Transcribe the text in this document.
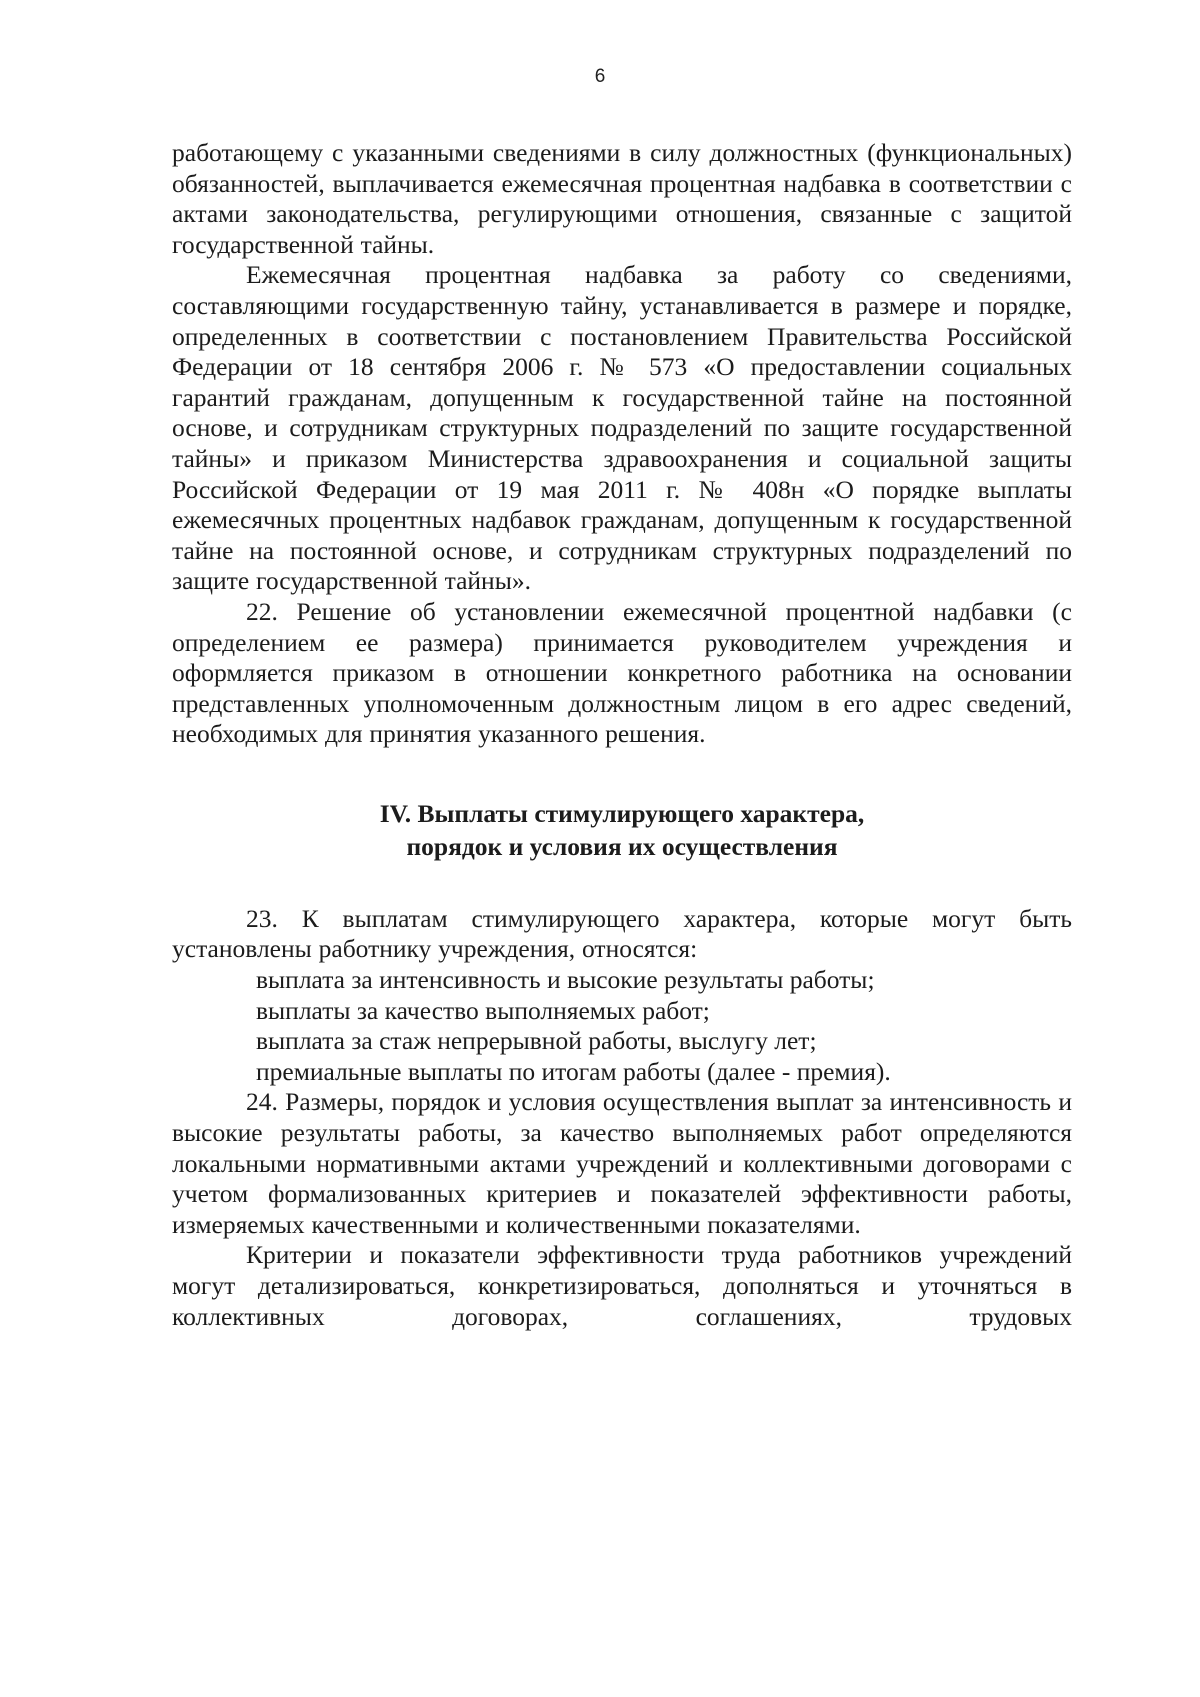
6

работающему с указанными сведениями в силу должностных (функциональных) обязанностей, выплачивается ежемесячная процентная надбавка в соответствии с актами законодательства, регулирующими отношения, связанные с защитой государственной тайны.

Ежемесячная процентная надбавка за работу со сведениями, составляющими государственную тайну, устанавливается в размере и порядке, определенных в соответствии с постановлением Правительства Российской Федерации от 18 сентября 2006 г. № 573 «О предоставлении социальных гарантий гражданам, допущенным к государственной тайне на постоянной основе, и сотрудникам структурных подразделений по защите государственной тайны» и приказом Министерства здравоохранения и социальной защиты Российской Федерации от 19 мая 2011 г. № 408н «О порядке выплаты ежемесячных процентных надбавок гражданам, допущенным к государственной тайне на постоянной основе, и сотрудникам структурных подразделений по защите государственной тайны».

22. Решение об установлении ежемесячной процентной надбавки (с определением ее размера) принимается руководителем учреждения и оформляется приказом в отношении конкретного работника на основании представленных уполномоченным должностным лицом в его адрес сведений, необходимых для принятия указанного решения.

IV. Выплаты стимулирующего характера,
порядок и условия их осуществления

23. К выплатам стимулирующего характера, которые могут быть установлены работнику учреждения, относятся:

выплата за интенсивность и высокие результаты работы;

выплаты за качество выполняемых работ;

выплата за стаж непрерывной работы, выслугу лет;

премиальные выплаты по итогам работы (далее - премия).

24. Размеры, порядок и условия осуществления выплат за интенсивность и высокие результаты работы, за качество выполняемых работ определяются локальными нормативными актами учреждений и коллективными договорами с учетом формализованных критериев и показателей эффективности работы, измеряемых качественными и количественными показателями.

Критерии и показатели эффективности труда работников учреждений могут детализироваться, конкретизироваться, дополняться и уточняться в коллективных договорах, соглашениях, трудовых
